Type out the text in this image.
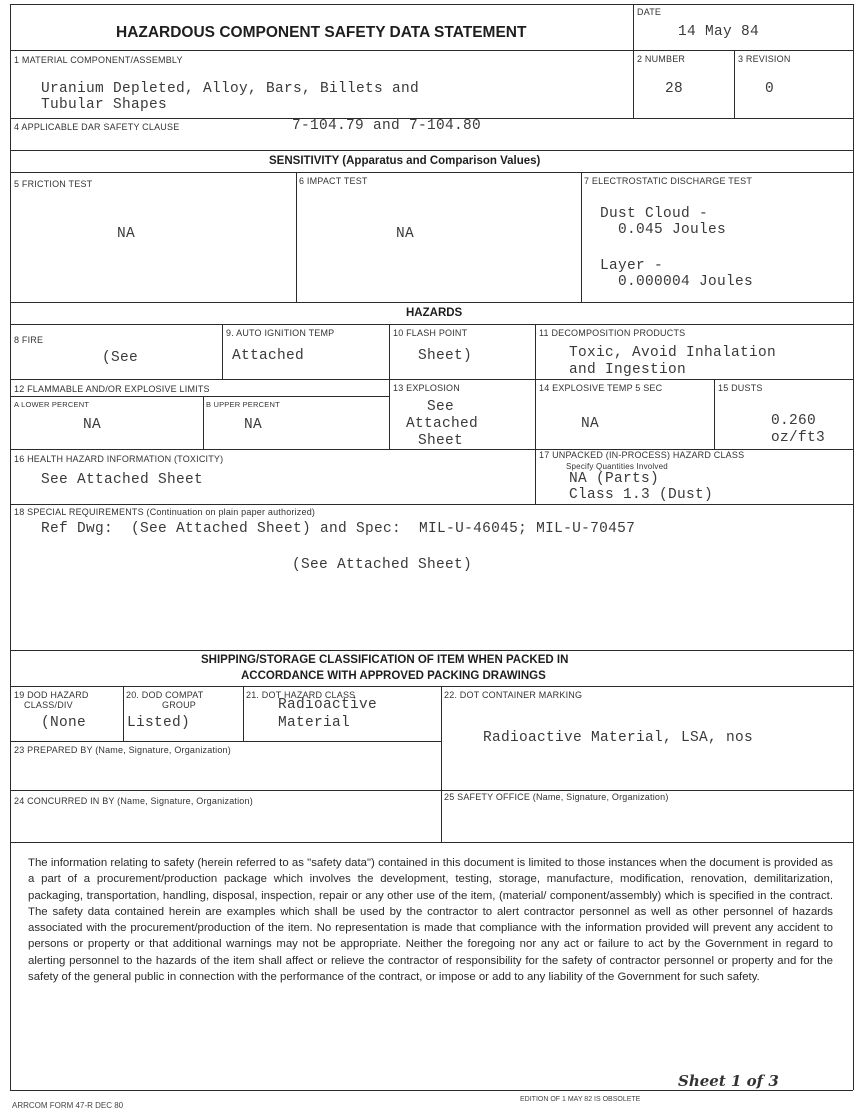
HAZARDOUS COMPONENT SAFETY DATA STATEMENT
DATE
14 May 84
1 MATERIAL COMPONENT/ASSEMBLY
Uranium Depleted, Alloy, Bars, Billets and
Tubular Shapes
2 NUMBER
28
3 REVISION
0
4 APPLICABLE DAR SAFETY CLAUSE	7-104.79 and 7-104.80
SENSITIVITY (Apparatus and Comparison Values)
5 FRICTION TEST
NA
6 IMPACT TEST
NA
7 ELECTROSTATIC DISCHARGE TEST
Dust Cloud -
0.045 Joules
Layer -
0.000004 Joules
HAZARDS
8 FIRE
(See
9. AUTO IGNITION TEMP
Attached
10 FLASH POINT
Sheet)
11 DECOMPOSITION PRODUCTS
Toxic, Avoid Inhalation
and Ingestion
12 FLAMMABLE AND/OR EXPLOSIVE LIMITS
A LOWER PERCENT
NA
B UPPER PERCENT
NA
13 EXPLOSION
See
Attached
Sheet
14 EXPLOSIVE TEMP 5 SEC
NA
15 DUSTS
0.260
oz/ft3
16 HEALTH HAZARD INFORMATION (TOXICITY)
See Attached Sheet
17 UNPACKED (IN-PROCESS) HAZARD CLASS
Specify Quantities Involved
NA (Parts)
Class 1.3 (Dust)
18 SPECIAL REQUIREMENTS (Continuation on plain paper authorized)
Ref Dwg:  (See Attached Sheet) and Spec:  MIL-U-46045; MIL-U-70457
(See Attached Sheet)
SHIPPING/STORAGE CLASSIFICATION OF ITEM WHEN PACKED IN
ACCORDANCE WITH APPROVED PACKING DRAWINGS
19 DOD HAZARD
CLASS/DIV
(None
20. DOD COMPAT
GROUP
Listed)
21. DOT HAZARD CLASS
Radioactive
Material
22. DOT CONTAINER MARKING
Radioactive Material, LSA, nos
23 PREPARED BY (Name, Signature, Organization)
24 CONCURRED IN BY (Name, Signature, Organization)	25 SAFETY OFFICE (Name, Signature, Organization)
The information relating to safety (herein referred to as "safety data") contained in this document is limited to those instances when the document is provided as a part of a procurement/production package which involves the development, testing, storage, manufacture, modification, renovation, demilitarization, packaging, transportation, handling, disposal, inspection, repair or any other use of the item, (material/ component/assembly) which is specified in the contract. The safety data contained herein are examples which shall be used by the contractor to alert contractor personnel as well as other personnel of hazards associated with the procurement/production of the item. No representation is made that compliance with the information provided will prevent any accident to persons or property or that additional warnings may not be appropriate. Neither the foregoing nor any act or failure to act by the Government in regard to alerting personnel to the hazards of the item shall affect or relieve the contractor of responsibility for the safety of contractor personnel or property and for the safety of the general public in connection with the performance of the contract, or impose or add to any liability of the Government for such safety.
Sheet 1 of 3
ARRCOM FORM 47-R DEC 80
EDITION OF 1 MAY 82 IS OBSOLETE
